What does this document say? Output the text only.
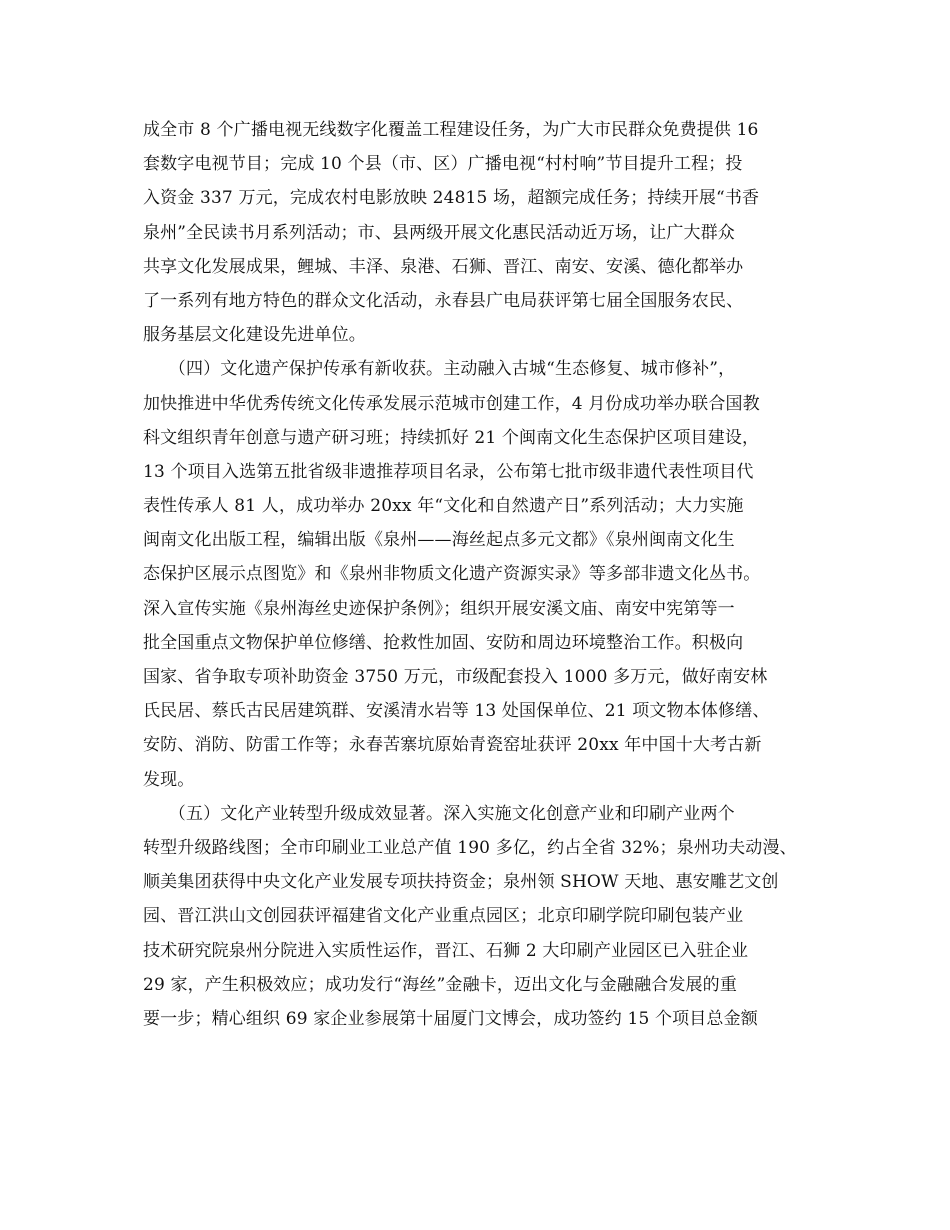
成全市 8 个广播电视无线数字化覆盖工程建设任务，为广大市民群众免费提供 16
套数字电视节目；完成 10 个县（市、区）广播电视“村村响”节目提升工程；投
入资金 337 万元，完成农村电影放映 24815 场，超额完成任务；持续开展“书香
泉州”全民读书月系列活动；市、县两级开展文化惠民活动近万场，让广大群众
共享文化发展成果，鲤城、丰泽、泉港、石狮、晋江、南安、安溪、德化都举办
了一系列有地方特色的群众文化活动，永春县广电局获评第七届全国服务农民、
服务基层文化建设先进单位。
　　（四）文化遗产保护传承有新收获。主动融入古城“生态修复、城市修补”，
加快推进中华优秀传统文化传承发展示范城市创建工作，4 月份成功举办联合国教
科文组织青年创意与遗产研习班；持续抓好 21 个闽南文化生态保护区项目建设，
13 个项目入选第五批省级非遗推荐项目名录，公布第七批市级非遗代表性项目代
表性传承人 81 人，成功举办 20xx 年“文化和自然遗产日”系列活动；大力实施
闽南文化出版工程，编辑出版《泉州——海丝起点多元文都》《泉州闽南文化生
态保护区展示点图览》和《泉州非物质文化遗产资源实录》等多部非遗文化丛书。
深入宣传实施《泉州海丝史迹保护条例》；组织开展安溪文庙、南安中宪第等一
批全国重点文物保护单位修缮、抢救性加固、安防和周边环境整治工作。积极向
国家、省争取专项补助资金 3750 万元，市级配套投入 1000 多万元，做好南安林
氏民居、蔡氏古民居建筑群、安溪清水岩等 13 处国保单位、21 项文物本体修缮、
安防、消防、防雷工作等；永春苦寨坑原始青瓷窑址获评 20xx 年中国十大考古新
发现。
　　（五）文化产业转型升级成效显著。深入实施文化创意产业和印刷产业两个
转型升级路线图；全市印刷业工业总产值 190 多亿，约占全省 32%；泉州功夫动漫、
顺美集团获得中央文化产业发展专项扶持资金；泉州领 SHOW 天地、惠安雕艺文创
园、晋江洪山文创园获评福建省文化产业重点园区；北京印刷学院印刷包装产业
技术研究院泉州分院进入实质性运作，晋江、石狮 2 大印刷产业园区已入驻企业
29 家，产生积极效应；成功发行“海丝”金融卡，迈出文化与金融融合发展的重
要一步；精心组织 69 家企业参展第十届厦门文博会，成功签约 15 个项目总金额
